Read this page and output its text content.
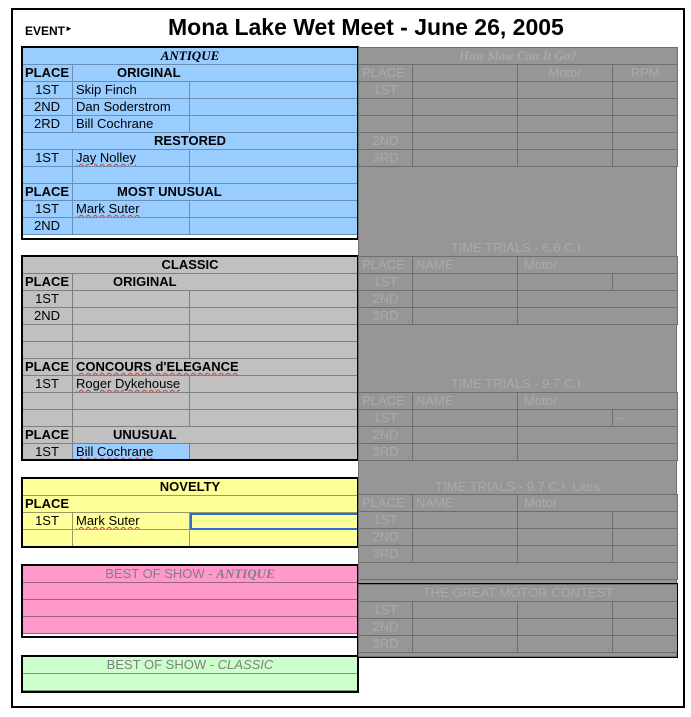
EVENT►	Mona Lake Wet Meet - June 26, 2005
ANTIQUE		
PLACE	ORIGINAL	
1ST	Skip Finch	
2ND	Dan Soderstrom	
2RD	Bill Cochrane	
RESTORED		
1ST	Jay Nolley	

PLACE	MOST UNUSUAL	
1ST	Mark Suter	
2ND		
CLASSIC		
PLACE	ORIGINAL	
1ST		
2ND		

PLACE	CONCOURS d'ELEGANCE	
1ST	Roger Dykehouse	

PLACE	UNUSUAL	
1ST	Bill Cochrane	
NOVELTY		
PLACE		
1ST	Mark Suter	

BEST OF SHOW - ANTIQUE

BEST OF SHOW - CLASSIC

How Slow Can It Go?			
PLACE		Motor	RPM
1ST			

2ND			
3RD			
TIME TRIALS - 6.6 C.I.
PLACE	NAME	Motor	
1ST			
2ND			
3RD			
TIME TRIALS - 9.7 C.I.
PLACE	NAME	Motor	
1ST			--
2ND			
3RD			
TIME TRIALS - 9.7 C.I. Lites
PLACE	NAME	Motor	
1ST			
2ND			
3RD			

THE GREAT MOTOR CONTEST			
1ST			
2ND			
3RD			
